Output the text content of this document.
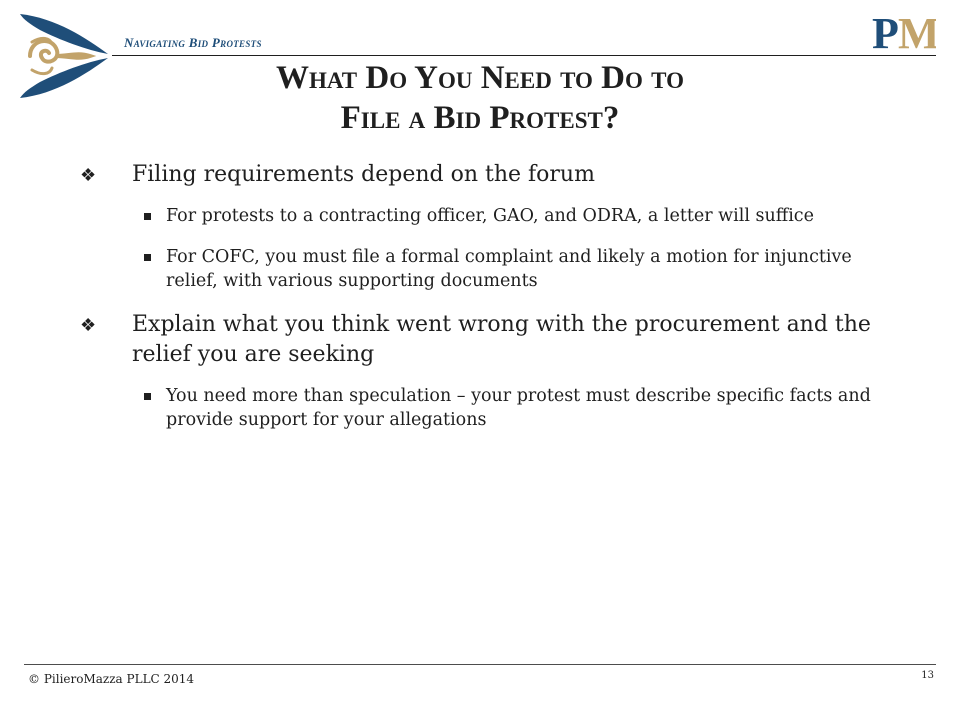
Navigating Bid Protests	P M
What Do You Need to Do to
File a Bid Protest?

❖ Filing requirements depend on the forum

For protests to a contracting officer, GAO, and ODRA, a letter will suffice

For COFC, you must file a formal complaint and likely a motion for injunctive relief, with various supporting documents

❖ Explain what you think went wrong with the procurement and the relief you are seeking

You need more than speculation – your protest must describe specific facts and provide support for your allegations

© PilieroMazza PLLC 2014	13
